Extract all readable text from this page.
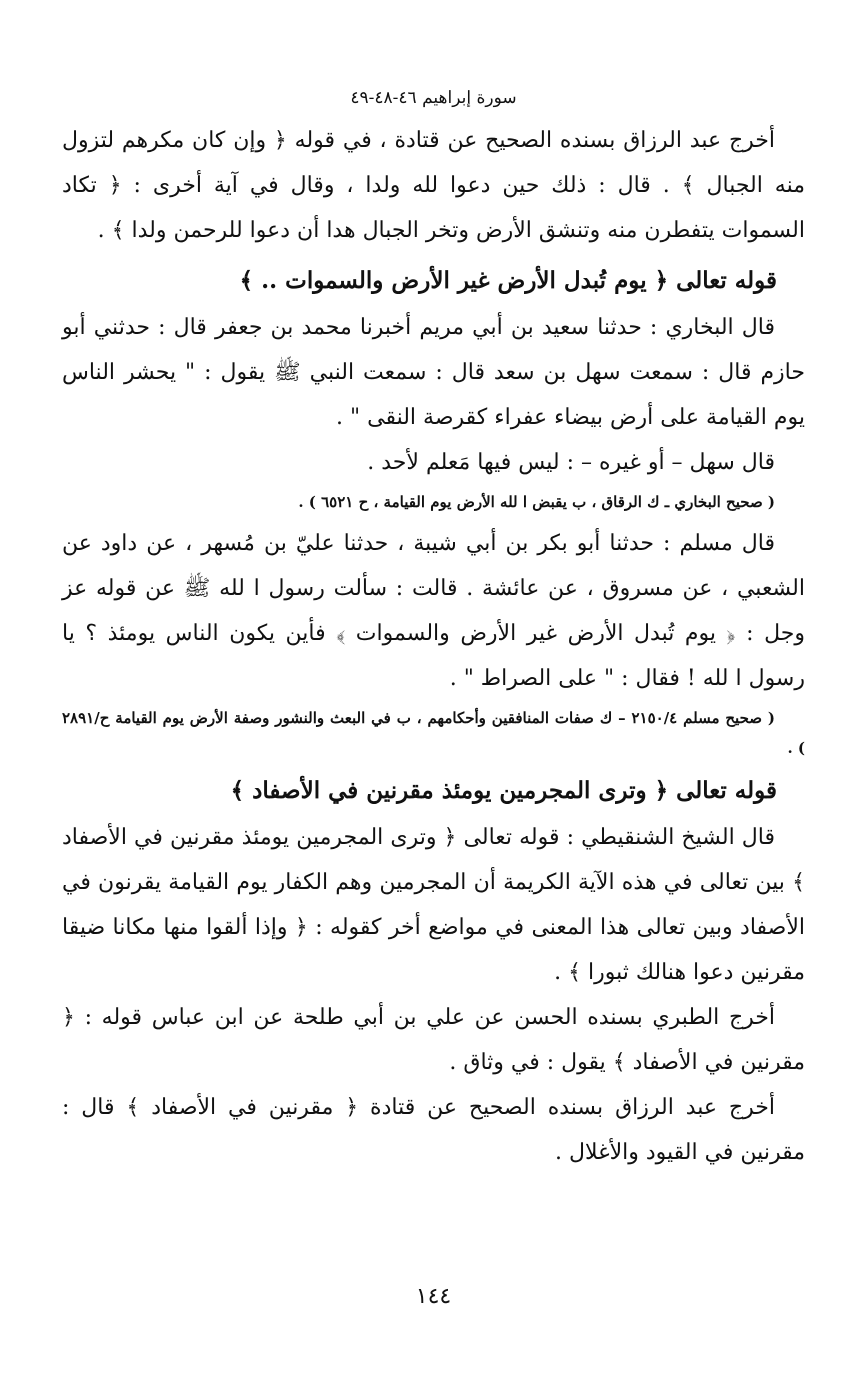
سورة إبراهيم ٤٦-٤٨-٤٩

أخرج عبد الرزاق بسنده الصحيح عن قتادة ، في قوله ﴿ وإن كان مكرهم لتزول منه الجبال ﴾ . قال : ذلك حين دعوا لله ولدا ، وقال في آية أخرى : ﴿ تكاد السموات يتفطرن منه وتنشق الأرض وتخر الجبال هدا أن دعوا للرحمن ولدا ﴾ .

قوله تعالى ﴿ يوم تُبدل الأرض غير الأرض والسموات .. ﴾

قال البخاري : حدثنا سعيد بن أبي مريم أخبرنا محمد بن جعفر قال : حدثني أبو حازم قال : سمعت سهل بن سعد قال : سمعت النبي ﷺ يقول : " يحشر الناس يوم القيامة على أرض بيضاء عفراء كقرصة النقى " .

قال سهل – أو غيره – : ليس فيها مَعلم لأحد .

( صحيح البخاري ـ ك الرقاق ، ب يقبض ا لله الأرض يوم القيامة ، ح ٦٥٢١ ) .

قال مسلم : حدثنا أبو بكر بن أبي شيبة ، حدثنا عليّ بن مُسهر ، عن داود عن الشعبي ، عن مسروق ، عن عائشة . قالت : سألت رسول ا لله ﷺ عن قوله عز وجل : ﴿ يوم تُبدل الأرض غير الأرض والسموات ﴾ فأين يكون الناس يومئذ ؟ يا رسول ا لله ! فقال : " على الصراط " .

( صحيح مسلم ٢١٥٠/٤ – ك صفات المنافقين وأحكامهم ، ب في البعث والنشور وصفة الأرض يوم القيامة ح/٢٨٩١ ) .

قوله تعالى ﴿ وترى المجرمين يومئذ مقرنين في الأصفاد ﴾

قال الشيخ الشنقيطي : قوله تعالى ﴿ وترى المجرمين يومئذ مقرنين في الأصفاد ﴾ بين تعالى في هذه الآية الكريمة أن المجرمين وهم الكفار يوم القيامة يقرنون في الأصفاد وبين تعالى هذا المعنى في مواضع أخر كقوله : ﴿ وإذا ألقوا منها مكانا ضيقا مقرنين دعوا هنالك ثبورا ﴾ .

أخرج الطبري بسنده الحسن عن علي بن أبي طلحة عن ابن عباس قوله : ﴿ مقرنين في الأصفاد ﴾ يقول : في وثاق .

أخرج عبد الرزاق بسنده الصحيح عن قتادة ﴿ مقرنين في الأصفاد ﴾ قال : مقرنين في القيود والأغلال .

١٤٤
